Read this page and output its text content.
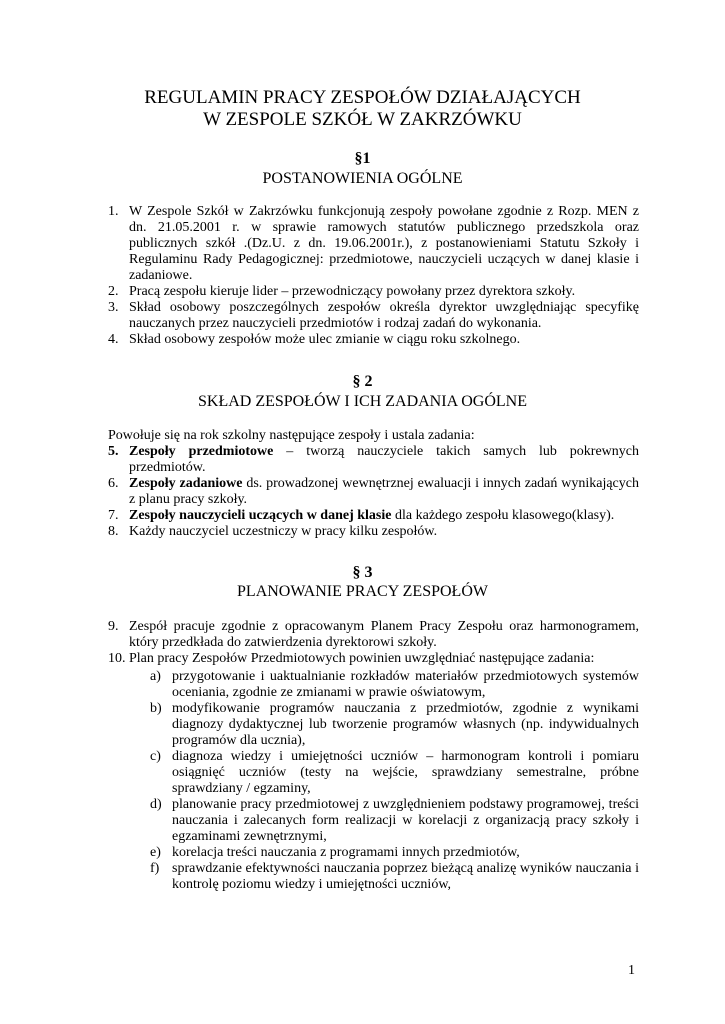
REGULAMIN PRACY ZESPOŁÓW DZIAŁAJĄCYCH
W ZESPOLE SZKÓŁ W ZAKRZÓWKU
§1
POSTANOWIENIA OGÓLNE
1. W Zespole Szkół w Zakrzówku funkcjonują zespoły powołane zgodnie z Rozp. MEN z dn. 21.05.2001 r. w sprawie ramowych statutów publicznego przedszkola oraz publicznych szkół .(Dz.U. z dn. 19.06.2001r.), z postanowieniami Statutu Szkoły i Regulaminu Rady Pedagogicznej: przedmiotowe, nauczycieli uczących w danej klasie i zadaniowe.
2. Pracą zespołu kieruje lider – przewodniczący powołany przez dyrektora szkoły.
3. Skład osobowy poszczególnych zespołów określa dyrektor uwzględniając specyfikę nauczanych przez nauczycieli przedmiotów i rodzaj zadań do wykonania.
4. Skład osobowy zespołów może ulec zmianie w ciągu roku szkolnego.
§ 2
SKŁAD ZESPOŁÓW I ICH ZADANIA OGÓLNE
Powołuje się na rok szkolny następujące zespoły i ustala zadania:
5. Zespoły przedmiotowe – tworzą nauczyciele takich samych lub pokrewnych przedmiotów.
6. Zespoły zadaniowe ds. prowadzonej wewnętrznej ewaluacji i innych zadań wynikających z planu pracy szkoły.
7. Zespoły nauczycieli uczących w danej klasie dla każdego zespołu klasowego(klasy).
8. Każdy nauczyciel uczestniczy w pracy kilku zespołów.
§ 3
PLANOWANIE PRACY ZESPOŁÓW
9. Zespół pracuje zgodnie z opracowanym Planem Pracy Zespołu oraz harmonogramem, który przedkłada do zatwierdzenia dyrektorowi szkoły.
10. Plan pracy Zespołów Przedmiotowych powinien uwzględniać następujące zadania:
a) przygotowanie i uaktualnianie rozkładów materiałów przedmiotowych systemów oceniania, zgodnie ze zmianami w prawie oświatowym,
b) modyfikowanie programów nauczania z przedmiotów, zgodnie z wynikami diagnozy dydaktycznej lub tworzenie programów własnych (np. indywidualnych programów dla ucznia),
c) diagnoza wiedzy i umiejętności uczniów – harmonogram kontroli i pomiaru osiągnięć uczniów (testy na wejście, sprawdziany semestralne, próbne sprawdziany / egzaminy,
d) planowanie pracy przedmiotowej z uwzględnieniem podstawy programowej, treści nauczania i zalecanych form realizacji w korelacji z organizacją pracy szkoły i egzaminami zewnętrznymi,
e) korelacja treści nauczania z programami innych przedmiotów,
f) sprawdzanie efektywności nauczania poprzez bieżącą analizę wyników nauczania i kontrolę poziomu wiedzy i umiejętności uczniów,
1
